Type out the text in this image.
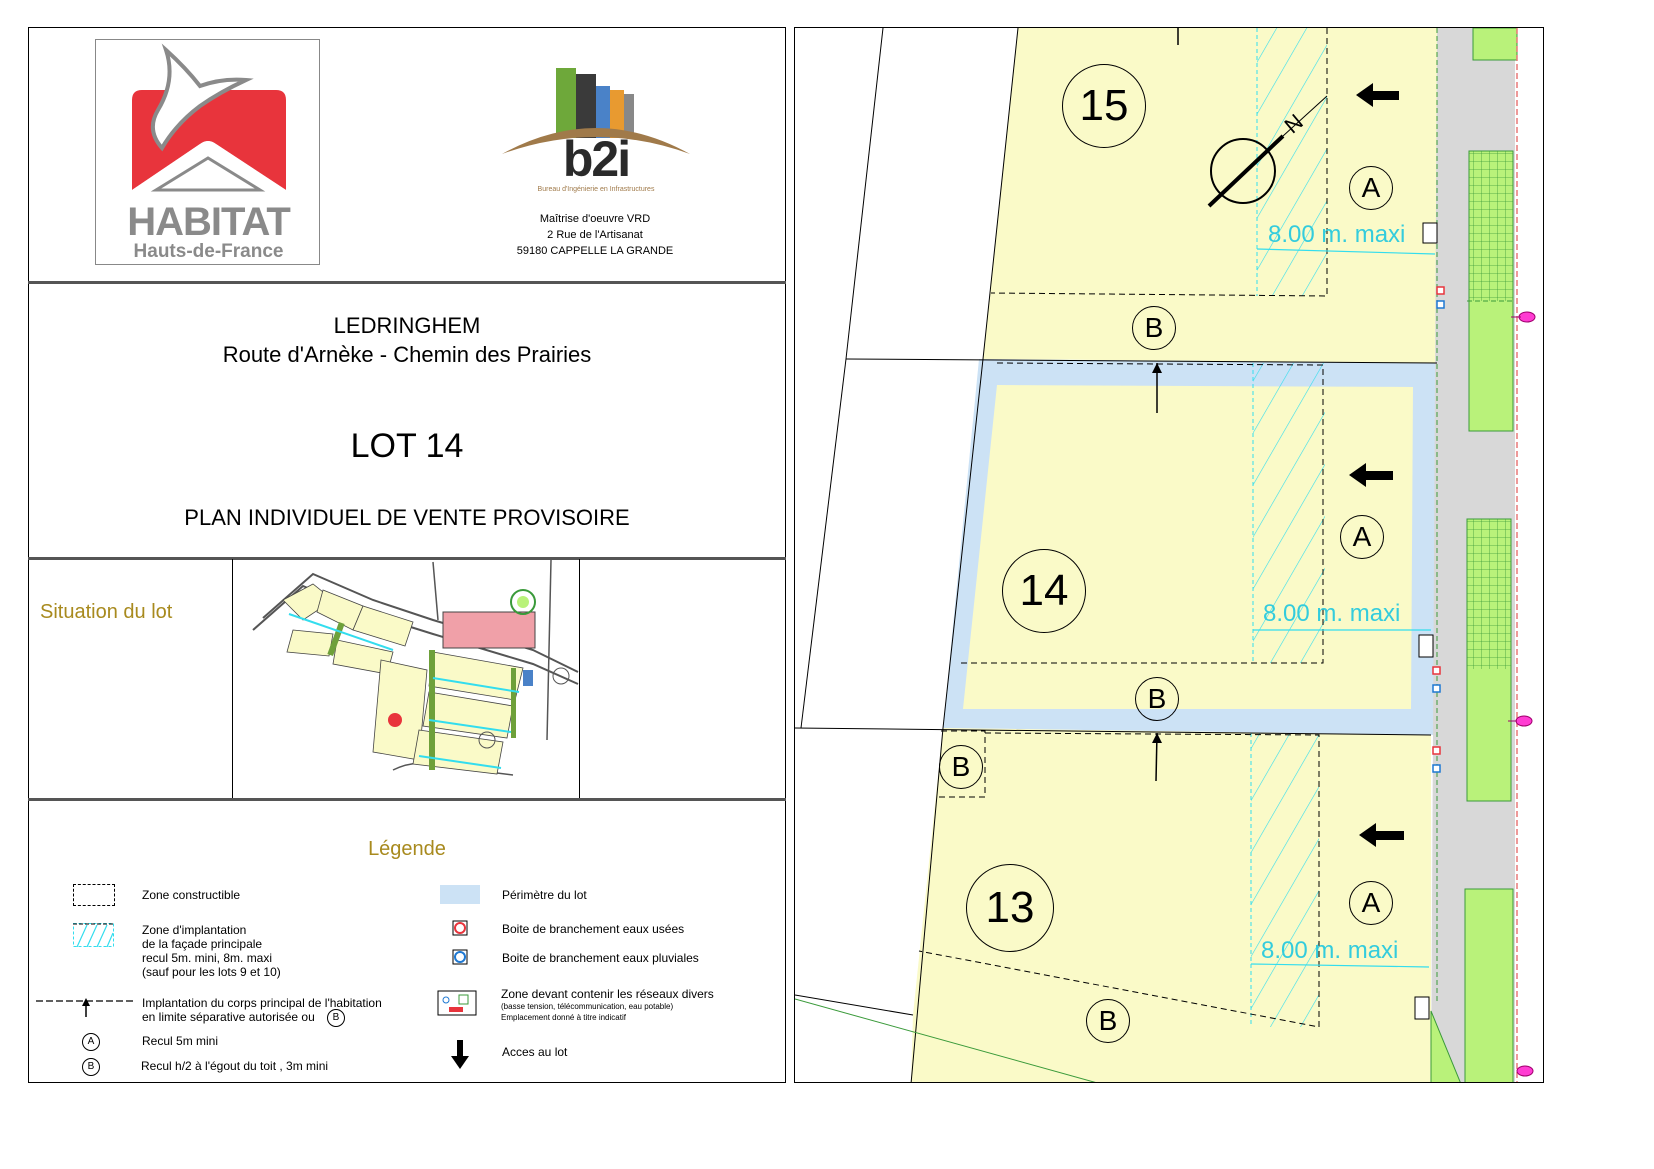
HABITAT
Hauts-de-France
b2i
Bureau d'Ingénierie en Infrastructures
Maîtrise d'oeuvre VRD
2 Rue de l'Artisanat
59180 CAPPELLE LA GRANDE
LEDRINGHEM
Route d'Arnèke - Chemin des Prairies
LOT 14
PLAN INDIVIDUEL DE VENTE PROVISOIRE
Situation du lot
Légende
Zone constructible
Zone d'implantation
de la façade principale
recul 5m. mini, 8m. maxi
(sauf pour les lots 9 et 10)
Implantation du corps principal de l'habitation
en limite séparative autorisée ou	B
A	Recul 5m mini
B	Recul h/2 à l'égout du toit , 3m mini
Périmètre du lot
Boite de branchement eaux usées
Boite de branchement eaux pluviales
Zone devant contenir les réseaux divers
(basse tension, télécommunication, eau potable)
Emplacement donné à titre indicatif
Acces au lot
15
14
13
A
A
A
B
B
B
B
8.00 m. maxi
8.00 m. maxi
8.00 m. maxi
N
